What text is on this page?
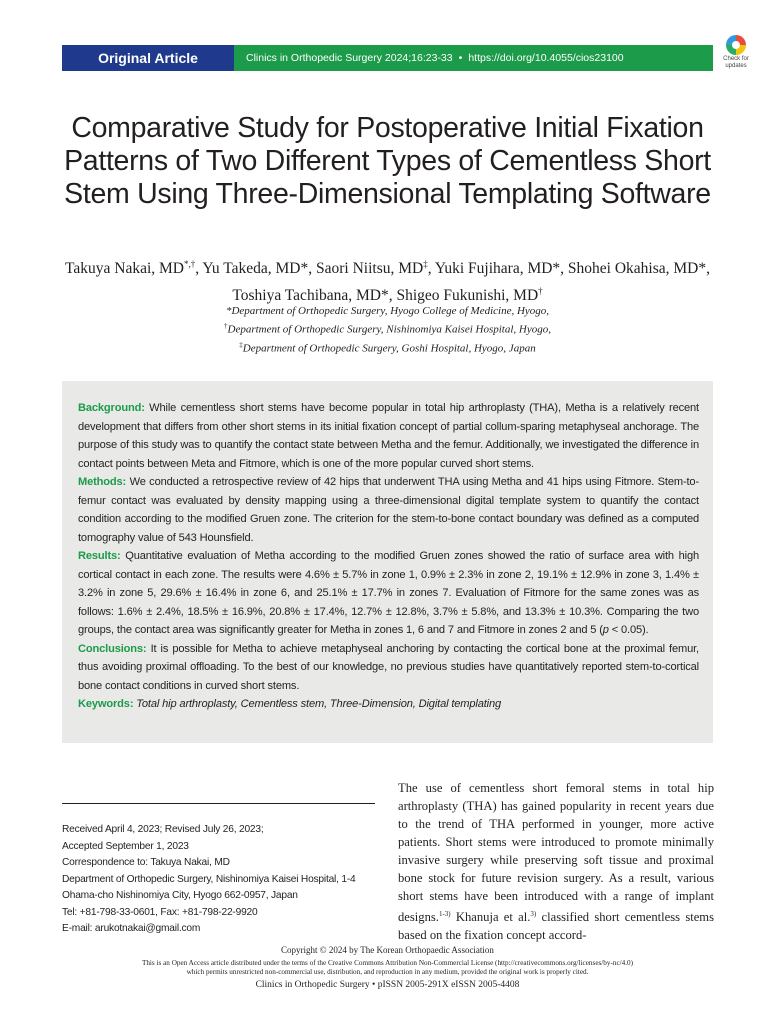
Original Article	Clinics in Orthopedic Surgery 2024;16:23-33 • https://doi.org/10.4055/cios23100	Check for
updates
Comparative Study for Postoperative Initial Fixation Patterns of Two Different Types of Cementless Short Stem Using Three-Dimensional Templating Software
Takuya Nakai, MD*,†, Yu Takeda, MD*, Saori Niitsu, MD‡, Yuki Fujihara, MD*, Shohei Okahisa, MD*,
Toshiya Tachibana, MD*, Shigeo Fukunishi, MD†
*Department of Orthopedic Surgery, Hyogo College of Medicine, Hyogo,
†Department of Orthopedic Surgery, Nishinomiya Kaisei Hospital, Hyogo,
‡Department of Orthopedic Surgery, Goshi Hospital, Hyogo, Japan

Background: While cementless short stems have become popular in total hip arthroplasty (THA), Metha is a relatively recent development that differs from other short stems in its initial fixation concept of partial collum-sparing metaphyseal anchorage. The purpose of this study was to quantify the contact state between Metha and the femur. Additionally, we investigated the difference in contact points between Meta and Fitmore, which is one of the more popular curved short stems.

Methods: We conducted a retrospective review of 42 hips that underwent THA using Metha and 41 hips using Fitmore. Stem-to-femur contact was evaluated by density mapping using a three-dimensional digital template system to quantify the contact condition according to the modified Gruen zone. The criterion for the stem-to-bone contact boundary was defined as a computed tomography value of 543 Hounsfield.

Results: Quantitative evaluation of Metha according to the modified Gruen zones showed the ratio of surface area with high cortical contact in each zone. The results were 4.6% ± 5.7% in zone 1, 0.9% ± 2.3% in zone 2, 19.1% ± 12.9% in zone 3, 1.4% ± 3.2% in zone 5, 29.6% ± 16.4% in zone 6, and 25.1% ± 17.7% in zones 7. Evaluation of Fitmore for the same zones was as follows: 1.6% ± 2.4%, 18.5% ± 16.9%, 20.8% ± 17.4%, 12.7% ± 12.8%, 3.7% ± 5.8%, and 13.3% ± 10.3%. Comparing the two groups, the contact area was significantly greater for Metha in zones 1, 6 and 7 and Fitmore in zones 2 and 5 (p < 0.05).

Conclusions: It is possible for Metha to achieve metaphyseal anchoring by contacting the cortical bone at the proximal femur, thus avoiding proximal offloading. To the best of our knowledge, no previous studies have quantitatively reported stem-to-cortical bone contact conditions in curved short stems.

Keywords: Total hip arthroplasty, Cementless stem, Three-Dimension, Digital templating

Received April 4, 2023; Revised July 26, 2023;
Accepted September 1, 2023
Correspondence to: Takuya Nakai, MD
Department of Orthopedic Surgery, Nishinomiya Kaisei Hospital, 1-4 Ohama-cho Nishinomiya City, Hyogo 662-0957, Japan
Tel: +81-798-33-0601, Fax: +81-798-22-9920
E-mail: arukotnakai@gmail.com
The use of cementless short femoral stems in total hip arthroplasty (THA) has gained popularity in recent years due to the trend of THA performed in younger, more active patients. Short stems were introduced to promote minimally invasive surgery while preserving soft tissue and proximal bone stock for future revision surgery. As a result, various short stems have been introduced with a range of implant designs.$^{1-3)}$ Khanuja et al.$^{3)}$ classified short cementless stems based on the fixation concept accord-
Copyright © 2024 by The Korean Orthopaedic Association
This is an Open Access article distributed under the terms of the Creative Commons Attribution Non-Commercial License (http://creativecommons.org/licenses/by-nc/4.0)
which permits unrestricted non-commercial use, distribution, and reproduction in any medium, provided the original work is properly cited.
Clinics in Orthopedic Surgery • pISSN 2005-291X eISSN 2005-4408
